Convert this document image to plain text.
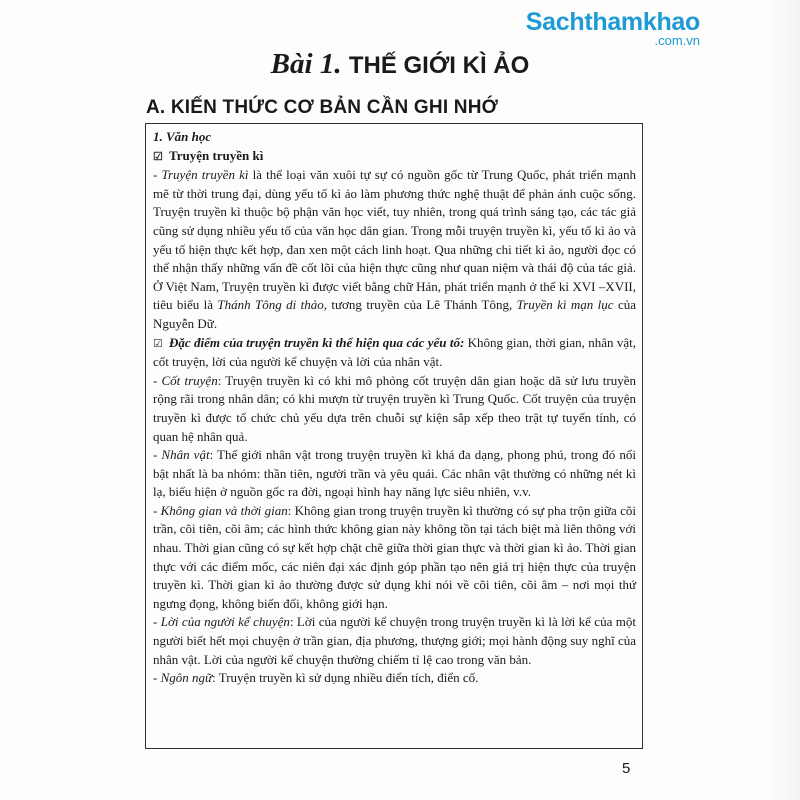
Sachthamkhao
.com.vn
Bài 1. THẾ GIỚI KÌ ẢO
A. KIẾN THỨC CƠ BẢN CẦN GHI NHỚ

1. Văn học

☑ Truyện truyền kì

- Truyện truyền kì là thể loại văn xuôi tự sự có nguồn gốc từ Trung Quốc, phát triển mạnh mẽ từ thời trung đại, dùng yếu tố kì ảo làm phương thức nghệ thuật để phản ánh cuộc sống. Truyện truyền kì thuộc bộ phận văn học viết, tuy nhiên, trong quá trình sáng tạo, các tác giả cũng sử dụng nhiều yếu tố của văn học dân gian. Trong mỗi truyện truyền kì, yếu tố kì ảo và yếu tố hiện thực kết hợp, đan xen một cách linh hoạt. Qua những chi tiết kì ảo, người đọc có thể nhận thấy những vấn đề cốt lõi của hiện thực cũng như quan niệm và thái độ của tác giả. Ở Việt Nam, Truyện truyền kì được viết bằng chữ Hán, phát triển mạnh ở thế kỉ XVI –XVII, tiêu biểu là Thánh Tông di thảo, tương truyền của Lê Thánh Tông, Truyền kì mạn lục của Nguyễn Dữ.

☑ Đặc điểm của truyện truyền kì thể hiện qua các yếu tố: Không gian, thời gian, nhân vật, cốt truyện, lời của người kể chuyện và lời của nhân vật.

- Cốt truyện: Truyện truyền kì có khi mô phỏng cốt truyện dân gian hoặc dã sử lưu truyền rộng rãi trong nhân dân; có khi mượn từ truyện truyền kì Trung Quốc. Cốt truyện của truyện truyền kì được tổ chức chủ yếu dựa trên chuỗi sự kiện sắp xếp theo trật tự tuyến tính, có quan hệ nhân quả.

- Nhân vật: Thế giới nhân vật trong truyện truyền kì khá đa dạng, phong phú, trong đó nổi bật nhất là ba nhóm: thần tiên, người trần và yêu quái. Các nhân vật thường có những nét kì lạ, biểu hiện ở nguồn gốc ra đời, ngoại hình hay năng lực siêu nhiên, v.v.

- Không gian và thời gian: Không gian trong truyện truyền kì thường có sự pha trộn giữa cõi trần, cõi tiên, cõi âm; các hình thức không gian này không tồn tại tách biệt mà liên thông với nhau. Thời gian cũng có sự kết hợp chặt chẽ giữa thời gian thực và thời gian kì ảo. Thời gian thực với các điểm mốc, các niên đại xác định góp phần tạo nên giá trị hiện thực của truyện truyền kì. Thời gian kì ảo thường được sử dụng khi nói về cõi tiên, cõi âm – nơi mọi thứ ngưng đọng, không biến đổi, không giới hạn.

- Lời của người kể chuyện: Lời của người kể chuyện trong truyện truyền kì là lời kể của một người biết hết mọi chuyện ở trần gian, địa phương, thượng giới; mọi hành động suy nghĩ của nhân vật. Lời của người kể chuyện thường chiếm tỉ lệ cao trong văn bản.

- Ngôn ngữ: Truyện truyền kì sử dụng nhiều điển tích, điển cố.

5
